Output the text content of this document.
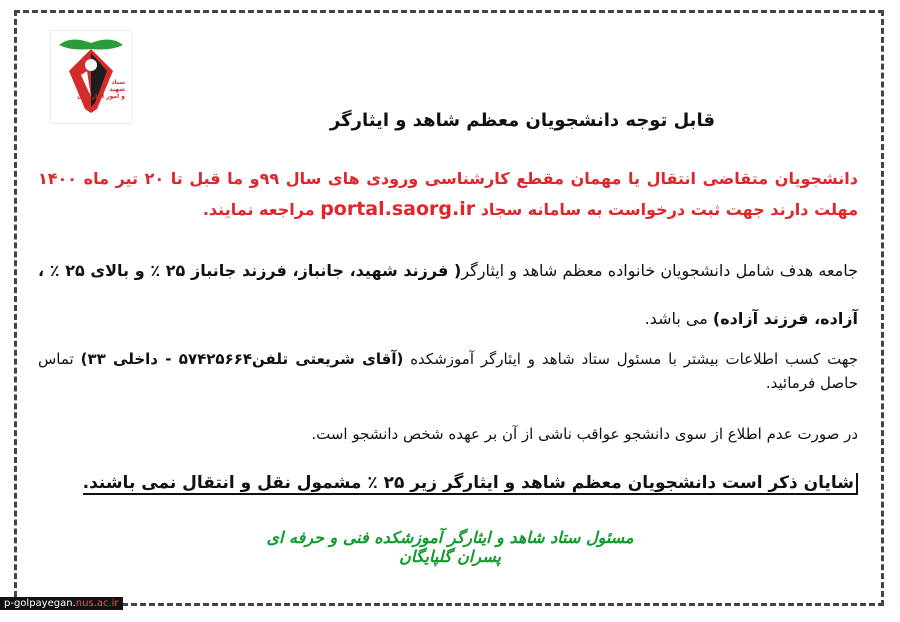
ستاد
شهید
و امور ایثارگران
قابل توجه دانشجویان معظم شاهد و ایثارگر
دانشجویان متقاضی انتقال یا مهمان مقطع کارشناسی ورودی های سال ۹۹و ما قبل تا ۲۰ تیر ماه ۱۴۰۰ مهلت دارند جهت ثبت درخواست به سامانه سجاد portal.saorg.ir مراجعه نمایند.
جامعه هدف شامل دانشجویان خانواده معظم شاهد و ایثارگر( فرزند شهید، جانباز، فرزند جانباز ۲۵ ٪ و بالای ۲۵ ٪ ، آزاده، فرزند آزاده) می باشد.
جهت کسب اطلاعات بیشتر با مسئول ستاد شاهد و ایثارگر آموزشکده (آقای شریعتی تلفن۵۷۴۲۵۶۶۴ - داخلی ۳۳) تماس حاصل فرمائید.
در صورت عدم اطلاع از سوی دانشجو عواقب ناشی از آن بر عهده شخص دانشجو است.
شایان ذکر است دانشجویان معظم شاهد و ایثارگر زیر ۲۵ ٪ مشمول نقل و انتقال نمی باشند.
مسئول ستاد شاهد و ایثارگر آموزشکده فنی و حرفه ای پسران گلپایگان
p-golpayegan.nus.ac.ir
